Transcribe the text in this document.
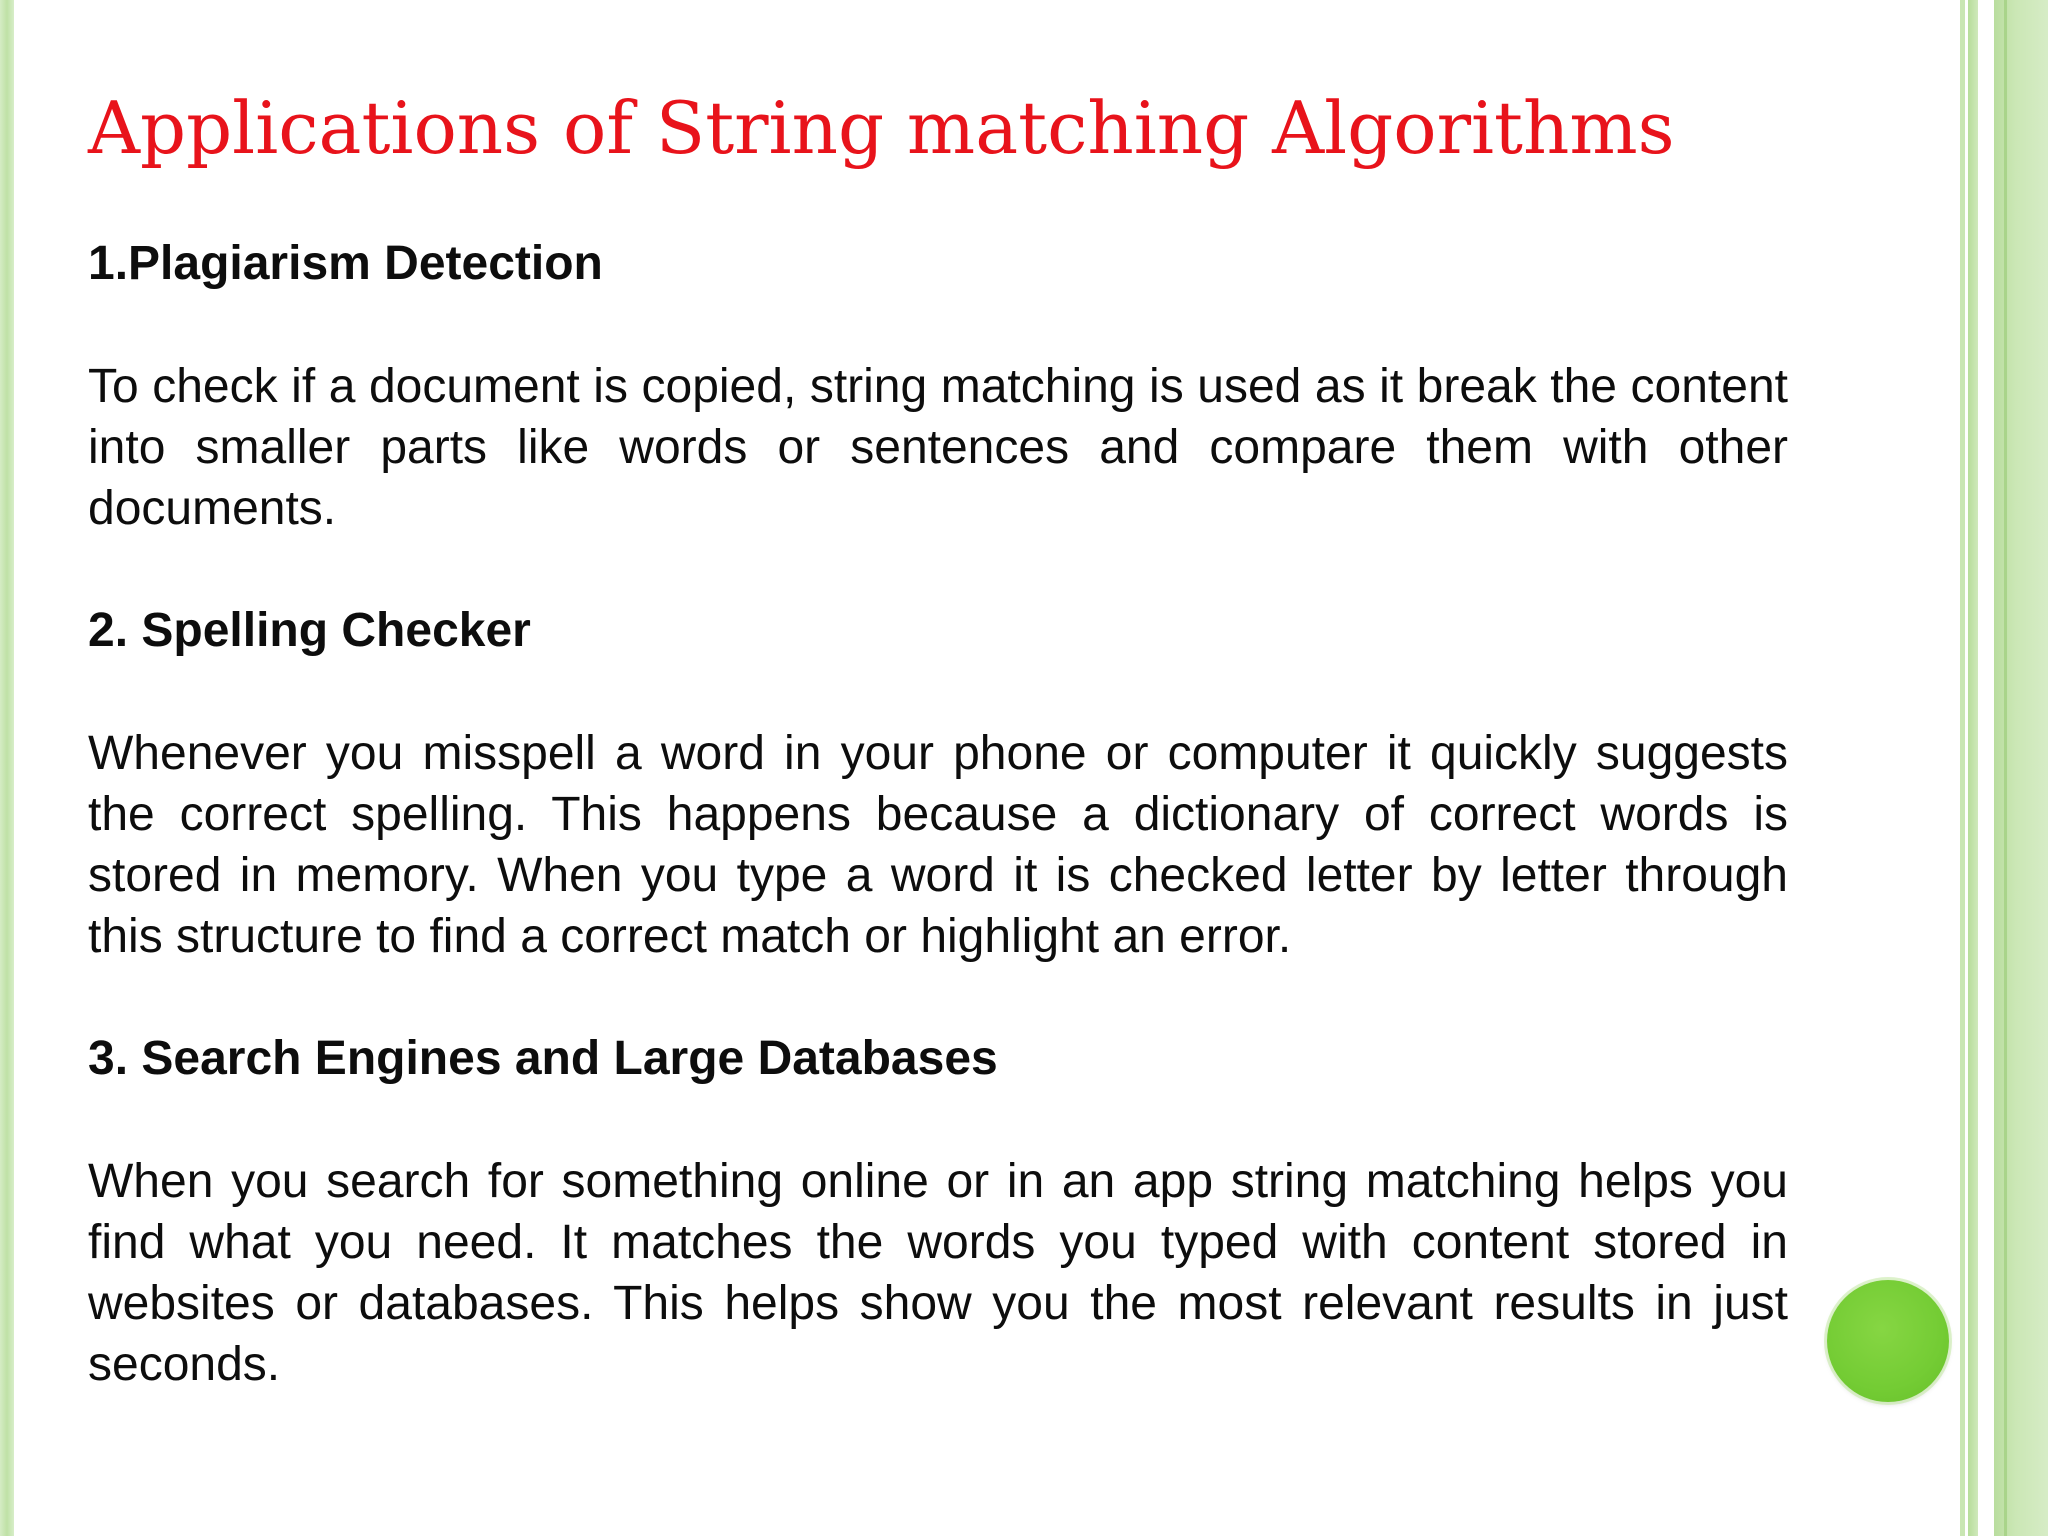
Applications of String matching Algorithms

1.Plagiarism Detection

To check if a document is copied, string matching is used as it break the content into smaller parts like words or sentences and compare them with other documents.

2. Spelling Checker

Whenever you misspell a word in your phone or computer it quickly suggests the correct spelling. This happens because a dictionary of correct words is stored in memory. When you type a word it is checked letter by letter through this structure to find a correct match or highlight an error.

3. Search Engines and Large Databases

When you search for something online or in an app string matching helps you find what you need. It matches the words you typed with content stored in websites or databases. This helps show you the most relevant results in just seconds.
